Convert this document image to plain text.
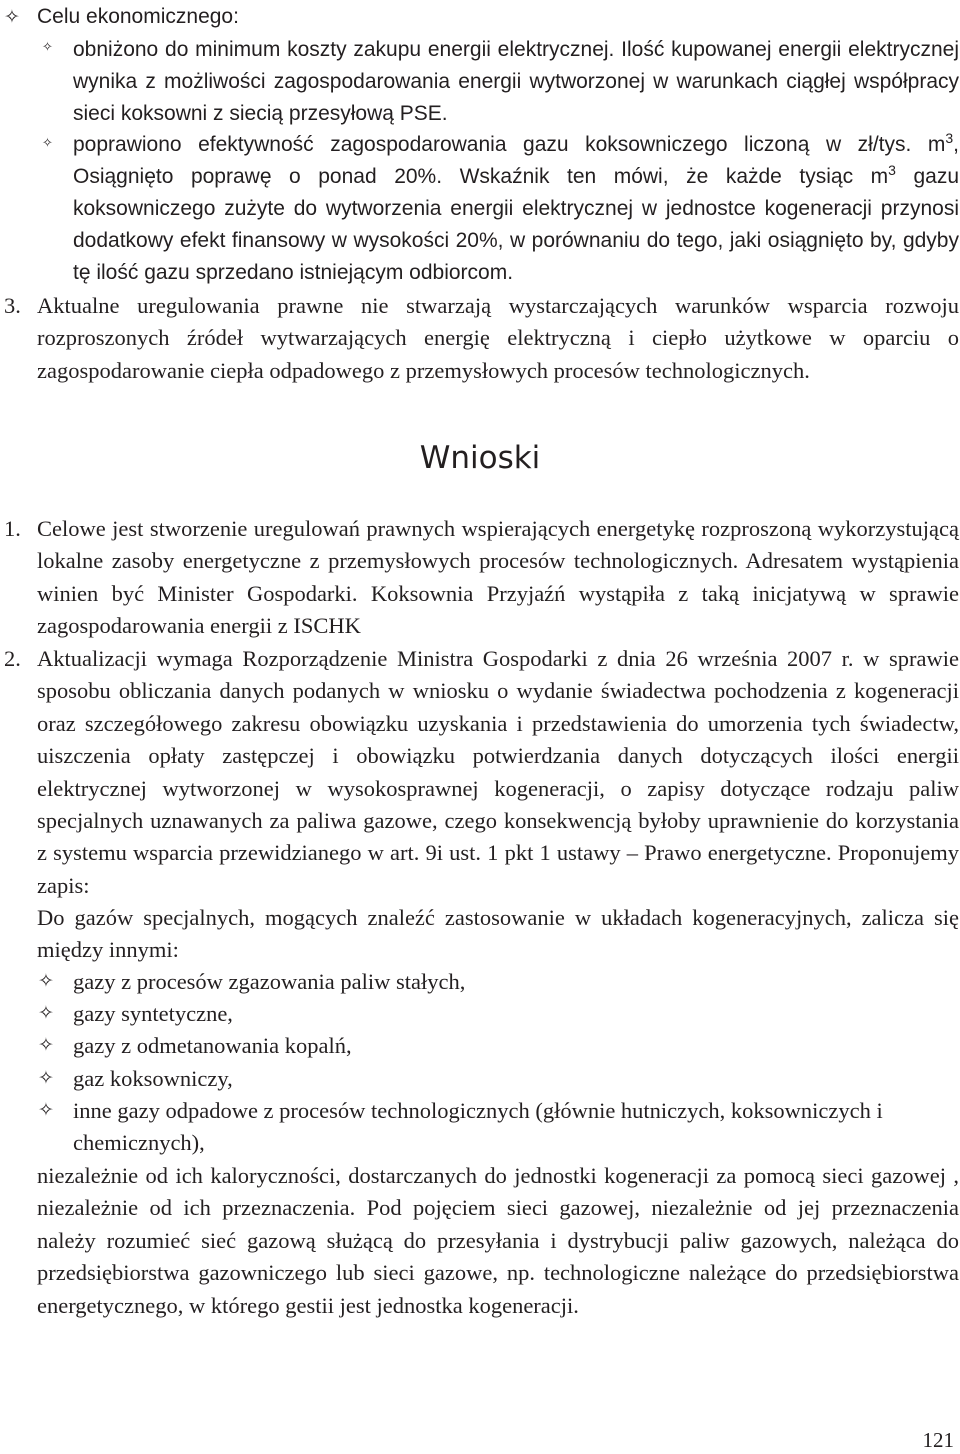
✧ Celu ekonomicznego:
✧ obniżono do minimum koszty zakupu energii elektrycznej. Ilość kupowanej energii elektrycznej wynika z możliwości zagospodarowania energii wytworzonej w warunkach ciągłej współpracy sieci koksowni z siecią przesyłową PSE.
✧ poprawiono efektywność zagospodarowania gazu koksowniczego liczoną w zł/tys. $m^3$, Osiągnięto poprawę o ponad 20%. Wskaźnik ten mówi, że każde tysiąc $m^3$ gazu koksowniczego zużyte do wytworzenia energii elektrycznej w jednostce kogeneracji przynosi dodatkowy efekt finansowy w wysokości 20%, w porównaniu do tego, jaki osiągnięto by, gdyby tę ilość gazu sprzedano istniejącym odbiorcom.
3. Aktualne uregulowania prawne nie stwarzają wystarczających warunków wsparcia rozwoju rozproszonych źródeł wytwarzających energię elektryczną i ciepło użytkowe w oparciu o zagospodarowanie ciepła odpadowego z przemysłowych procesów technologicznych.
Wnioski
1. Celowe jest stworzenie uregulowań prawnych wspierających energetykę rozproszoną wykorzystującą lokalne zasoby energetyczne z przemysłowych procesów technologicznych. Adresatem wystąpienia winien być Minister Gospodarki. Koksownia Przyjaźń wystąpiła z taką inicjatywą w sprawie zagospodarowania energii z ISCHK
2. Aktualizacji wymaga Rozporządzenie Ministra Gospodarki z dnia 26 września 2007 r. w sprawie sposobu obliczania danych podanych w wniosku o wydanie świadectwa pochodzenia z kogeneracji oraz szczegółowego zakresu obowiązku uzyskania i przedstawienia do umorzenia tych świadectw, uiszczenia opłaty zastępczej i obowiązku potwierdzania danych dotyczących ilości energii elektrycznej wytworzonej w wysokosprawnej kogeneracji, o zapisy dotyczące rodzaju paliw specjalnych uznawanych za paliwa gazowe, czego konsekwencją byłoby uprawnienie do korzystania z systemu wsparcia przewidzianego w art. 9i ust. 1 pkt 1 ustawy – Prawo energetyczne. Proponujemy zapis:
Do gazów specjalnych, mogących znaleźć zastosowanie w układach kogeneracyjnych, zalicza się między innymi:
✧ gazy z procesów zgazowania paliw stałych,
✧ gazy syntetyczne,
✧ gazy z odmetanowania kopalń,
✧ gaz koksowniczy,
✧ inne gazy odpadowe z procesów technologicznych (głównie hutniczych, koksowniczych i chemicznych),
niezależnie od ich kaloryczności, dostarczanych do jednostki kogeneracji za pomocą sieci gazowej , niezależnie od ich przeznaczenia. Pod pojęciem sieci gazowej, niezależnie od jej przeznaczenia należy rozumieć sieć gazową służącą do przesyłania i dystrybucji paliw gazowych, należąca do przedsiębiorstwa gazowniczego lub sieci gazowe, np. technologiczne należące do przedsiębiorstwa energetycznego, w którego gestii jest jednostka kogeneracji.
121
